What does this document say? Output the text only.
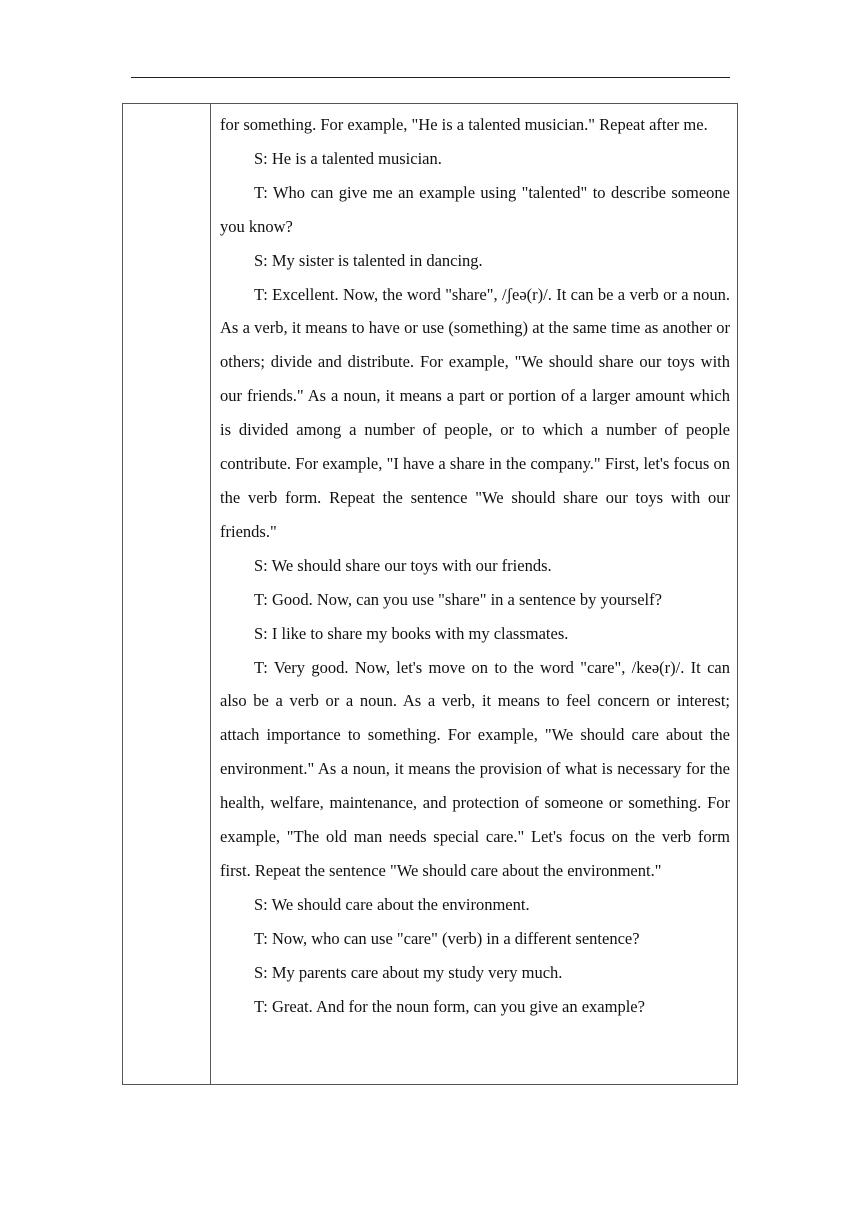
for something. For example, "He is a talented musician." Repeat after me.

S: He is a talented musician.

T: Who can give me an example using "talented" to describe someone you know?

S: My sister is talented in dancing.

T: Excellent. Now, the word "share", /ʃeə(r)/. It can be a verb or a noun. As a verb, it means to have or use (something) at the same time as another or others; divide and distribute. For example, "We should share our toys with our friends." As a noun, it means a part or portion of a larger amount which is divided among a number of people, or to which a number of people contribute. For example, "I have a share in the company." First, let's focus on the verb form. Repeat the sentence "We should share our toys with our friends."

S: We should share our toys with our friends.

T: Good. Now, can you use "share" in a sentence by yourself?

S: I like to share my books with my classmates.

T: Very good. Now, let's move on to the word "care", /keə(r)/. It can also be a verb or a noun. As a verb, it means to feel concern or interest; attach importance to something. For example, "We should care about the environment." As a noun, it means the provision of what is necessary for the health, welfare, maintenance, and protection of someone or something. For example, "The old man needs special care." Let's focus on the verb form first. Repeat the sentence "We should care about the environment."

S: We should care about the environment.

T: Now, who can use "care" (verb) in a different sentence?

S: My parents care about my study very much.

T: Great. And for the noun form, can you give an example?
